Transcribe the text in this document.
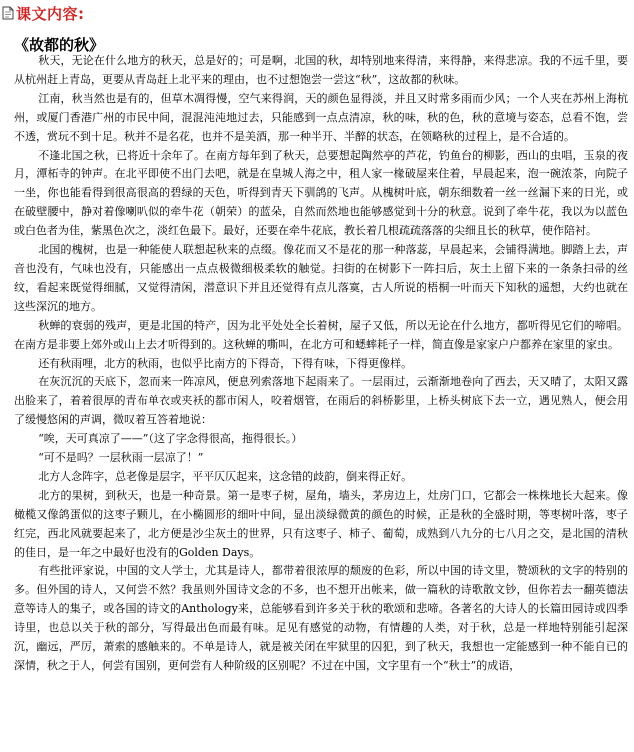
课文内容:
《故都的秋》

秋天，无论在什么地方的秋天，总是好的；可是啊，北国的秋，却特别地来得清，来得静，来得悲凉。我的不远千里，要从杭州赶上青岛，更要从青岛赶上北平来的理由，也不过想饱尝一尝这“秋”，这故都的秋味。

江南，秋当然也是有的，但草木凋得慢，空气来得润，天的颜色显得淡，并且又时常多雨而少风；一个人夹在苏州上海杭州，或厦门香港广州的市民中间，混混沌沌地过去，只能感到一点点清凉，秋的味，秋的色，秋的意境与姿态，总看不饱，尝不透，赏玩不到十足。秋并不是名花，也并不是美酒，那一种半开、半醉的状态，在领略秋的过程上，是不合适的。

不逢北国之秋，已将近十余年了。在南方每年到了秋天，总要想起陶然亭的芦花，钓鱼台的柳影，西山的虫唱，玉泉的夜月，潭柘寺的钟声。在北平即使不出门去吧，就是在皇城人海之中，租人家一椽破屋来住着，早晨起来，泡一碗浓茶，向院子一坐，你也能看得到很高很高的碧绿的天色，听得到青天下驯鸽的飞声。从槐树叶底，朝东细数着一丝一丝漏下来的日光，或在破壁腰中，静对着像喇叭似的牵牛花（朝荣）的蓝朵，自然而然地也能够感觉到十分的秋意。说到了牵牛花，我以为以蓝色或白色者为佳，紫黑色次之，淡红色最下。最好，还要在牵牛花底，教长着几根疏疏落落的尖细且长的秋草，使作陪衬。

北国的槐树，也是一种能使人联想起秋来的点缀。像花而又不是花的那一种落蕊，早晨起来，会铺得满地。脚踏上去，声音也没有，气味也没有，只能感出一点点极微细极柔软的触觉。扫街的在树影下一阵扫后，灰土上留下来的一条条扫帚的丝纹，看起来既觉得细腻，又觉得清闲，潜意识下并且还觉得有点儿落寞，古人所说的梧桐一叶而天下知秋的遥想，大约也就在这些深沉的地方。

秋蝉的衰弱的残声，更是北国的特产，因为北平处处全长着树，屋子又低，所以无论在什么地方，都听得见它们的啼唱。在南方是非要上郊外或山上去才听得到的。这秋蝉的嘶叫，在北方可和蟋蟀耗子一样，简直像是家家户户都养在家里的家虫。

还有秋雨哩，北方的秋雨，也似乎比南方的下得奇，下得有味，下得更像样。

在灰沉沉的天底下，忽而来一阵凉风，便息列索落地下起雨来了。一层雨过，云渐渐地卷向了西去，天又晴了，太阳又露出脸来了，着着很厚的青布单衣或夹袄的都市闲人，咬着烟管，在雨后的斜桥影里，上桥头树底下去一立，遇见熟人，便会用了缓慢悠闲的声调，微叹着互答着地说：

“唉，天可真凉了——”（这了字念得很高，拖得很长。）

“可不是吗？一层秋雨一层凉了！”

北方人念阵字，总老像是层字，平平仄仄起来，这念错的歧韵，倒来得正好。

北方的果树，到秋天，也是一种奇景。第一是枣子树，屋角，墙头，茅房边上，灶房门口，它都会一株株地长大起来。像橄榄又像鸽蛋似的这枣子颗儿，在小椭圆形的细叶中间，显出淡绿微黄的颜色的时候，正是秋的全盛时期，等枣树叶落，枣子红完，西北风就要起来了，北方便是沙尘灰土的世界，只有这枣子、柿子、葡萄，成熟到八九分的七八月之交，是北国的清秋的佳日，是一年之中最好也没有的Golden Days。

有些批评家说，中国的文人学士，尤其是诗人，都带着很浓厚的颓废的色彩，所以中国的诗文里，赞颂秋的文字的特别的多。但外国的诗人，又何尝不然？我虽则外国诗文念的不多，也不想开出帐来，做一篇秋的诗歌散文钞，但你若去一翻英德法意等诗人的集子，或各国的诗文的Anthology来，总能够看到许多关于秋的歌颂和悲啼。各著名的大诗人的长篇田园诗或四季诗里，也总以关于秋的部分，写得最出色而最有味。足见有感觉的动物，有情趣的人类，对于秋，总是一样地特别能引起深沉，幽远，严厉，萧索的感触来的。不单是诗人，就是被关闭在牢狱里的囚犯，到了秋天，我想也一定能感到一种不能自已的深情，秋之于人，何尝有国别，更何尝有人种阶级的区别呢？不过在中国，文字里有一个“秋士”的成语，
